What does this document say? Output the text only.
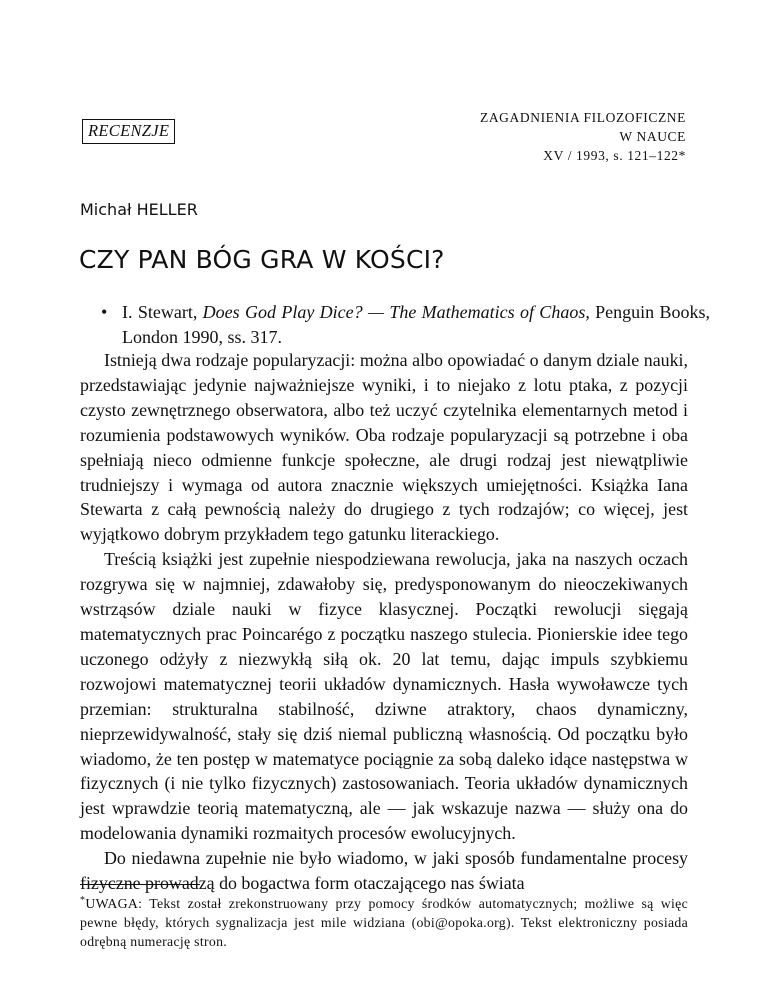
RECENZJE
ZAGADNIENIA FILOZOFICZNE
W NAUCE
XV / 1993, s. 121–122*
Michał HELLER
CZY PAN BÓG GRA W KOŚCI?
• I. Stewart, Does God Play Dice? — The Mathematics of Chaos, Penguin Books, London 1990, ss. 317.

Istnieją dwa rodzaje popularyzacji: można albo opowiadać o danym dziale nauki, przedstawiając jedynie najważniejsze wyniki, i to niejako z lotu ptaka, z pozycji czysto zewnętrznego obserwatora, albo też uczyć czytelnika elementarnych metod i rozumienia podstawowych wyników. Oba rodzaje popularyzacji są potrzebne i oba spełniają nieco odmienne funkcje społeczne, ale drugi rodzaj jest niewątpliwie trudniejszy i wymaga od autora znacznie większych umiejętności. Książka Iana Stewarta z całą pewnością należy do drugiego z tych rodzajów; co więcej, jest wyjątkowo dobrym przykładem tego gatunku literackiego.

Treścią książki jest zupełnie niespodziewana rewolucja, jaka na naszych oczach rozgrywa się w najmniej, zdawałoby się, predysponowanym do nieoczekiwanych wstrząsów dziale nauki w fizyce klasycznej. Początki rewolucji sięgają matematycznych prac Poincarégo z początku naszego stulecia. Pionierskie idee tego uczonego odżyły z niezwykłą siłą ok. 20 lat temu, dając impuls szybkiemu rozwojowi matematycznej teorii układów dynamicznych. Hasła wywoławcze tych przemian: strukturalna stabilność, dziwne atraktory, chaos dynamiczny, nieprzewidywalność, stały się dziś niemal publiczną własnością. Od początku było wiadomo, że ten postęp w matematyce pociągnie za sobą daleko idące następstwa w fizycznych (i nie tylko fizycznych) zastosowaniach. Teoria układów dynamicznych jest wprawdzie teorią matematyczną, ale — jak wskazuje nazwa — służy ona do modelowania dynamiki rozmaitych procesów ewolucyjnych.

Do niedawna zupełnie nie było wiadomo, w jaki sposób fundamentalne procesy fizyczne prowadzą do bogactwa form otaczającego nas świata

*UWAGA: Tekst został zrekonstruowany przy pomocy środków automatycznych; możliwe są więc pewne błędy, których sygnalizacja jest mile widziana (obi@opoka.org). Tekst elektroniczny posiada odrębną numerację stron.
